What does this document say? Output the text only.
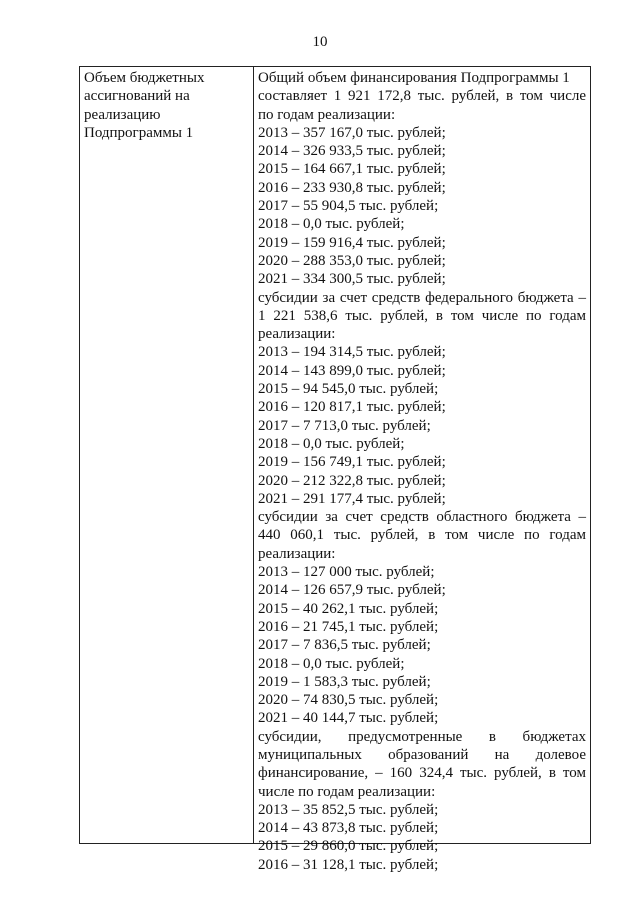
10
Объем бюджетных
ассигнований на
реализацию
Подпрограммы 1
Общий объем финансирования Подпрограммы 1
составляет 1 921 172,8 тыс. рублей, в том числе
по годам реализации:
2013 – 357 167,0 тыс. рублей;
2014 – 326 933,5 тыс. рублей;
2015 – 164 667,1 тыс. рублей;
2016 – 233 930,8 тыс. рублей;
2017 – 55 904,5 тыс. рублей;
2018 – 0,0 тыс. рублей;
2019 – 159 916,4 тыс. рублей;
2020 – 288 353,0 тыс. рублей;
2021 – 334 300,5 тыс. рублей;
субсидии за счет средств федерального бюджета –
1 221 538,6 тыс. рублей, в том числе по годам
реализации:
2013 – 194 314,5 тыс. рублей;
2014 – 143 899,0 тыс. рублей;
2015 – 94 545,0 тыс. рублей;
2016 – 120 817,1 тыс. рублей;
2017 – 7 713,0 тыс. рублей;
2018 – 0,0 тыс. рублей;
2019 – 156 749,1 тыс. рублей;
2020 – 212 322,8 тыс. рублей;
2021 – 291 177,4 тыс. рублей;
субсидии за счет средств областного бюджета –
440 060,1 тыс. рублей, в том числе по годам
реализации:
2013 – 127 000 тыс. рублей;
2014 – 126 657,9 тыс. рублей;
2015 – 40 262,1 тыс. рублей;
2016 – 21 745,1 тыс. рублей;
2017 – 7 836,5 тыс. рублей;
2018 – 0,0 тыс. рублей;
2019 – 1 583,3 тыс. рублей;
2020 – 74 830,5 тыс. рублей;
2021 – 40 144,7 тыс. рублей;
субсидии, предусмотренные в бюджетах
муниципальных образований на долевое
финансирование, – 160 324,4 тыс. рублей, в том
числе по годам реализации:
2013 – 35 852,5 тыс. рублей;
2014 – 43 873,8 тыс. рублей;
2015 – 29 860,0 тыс. рублей;
2016 – 31 128,1 тыс. рублей;
